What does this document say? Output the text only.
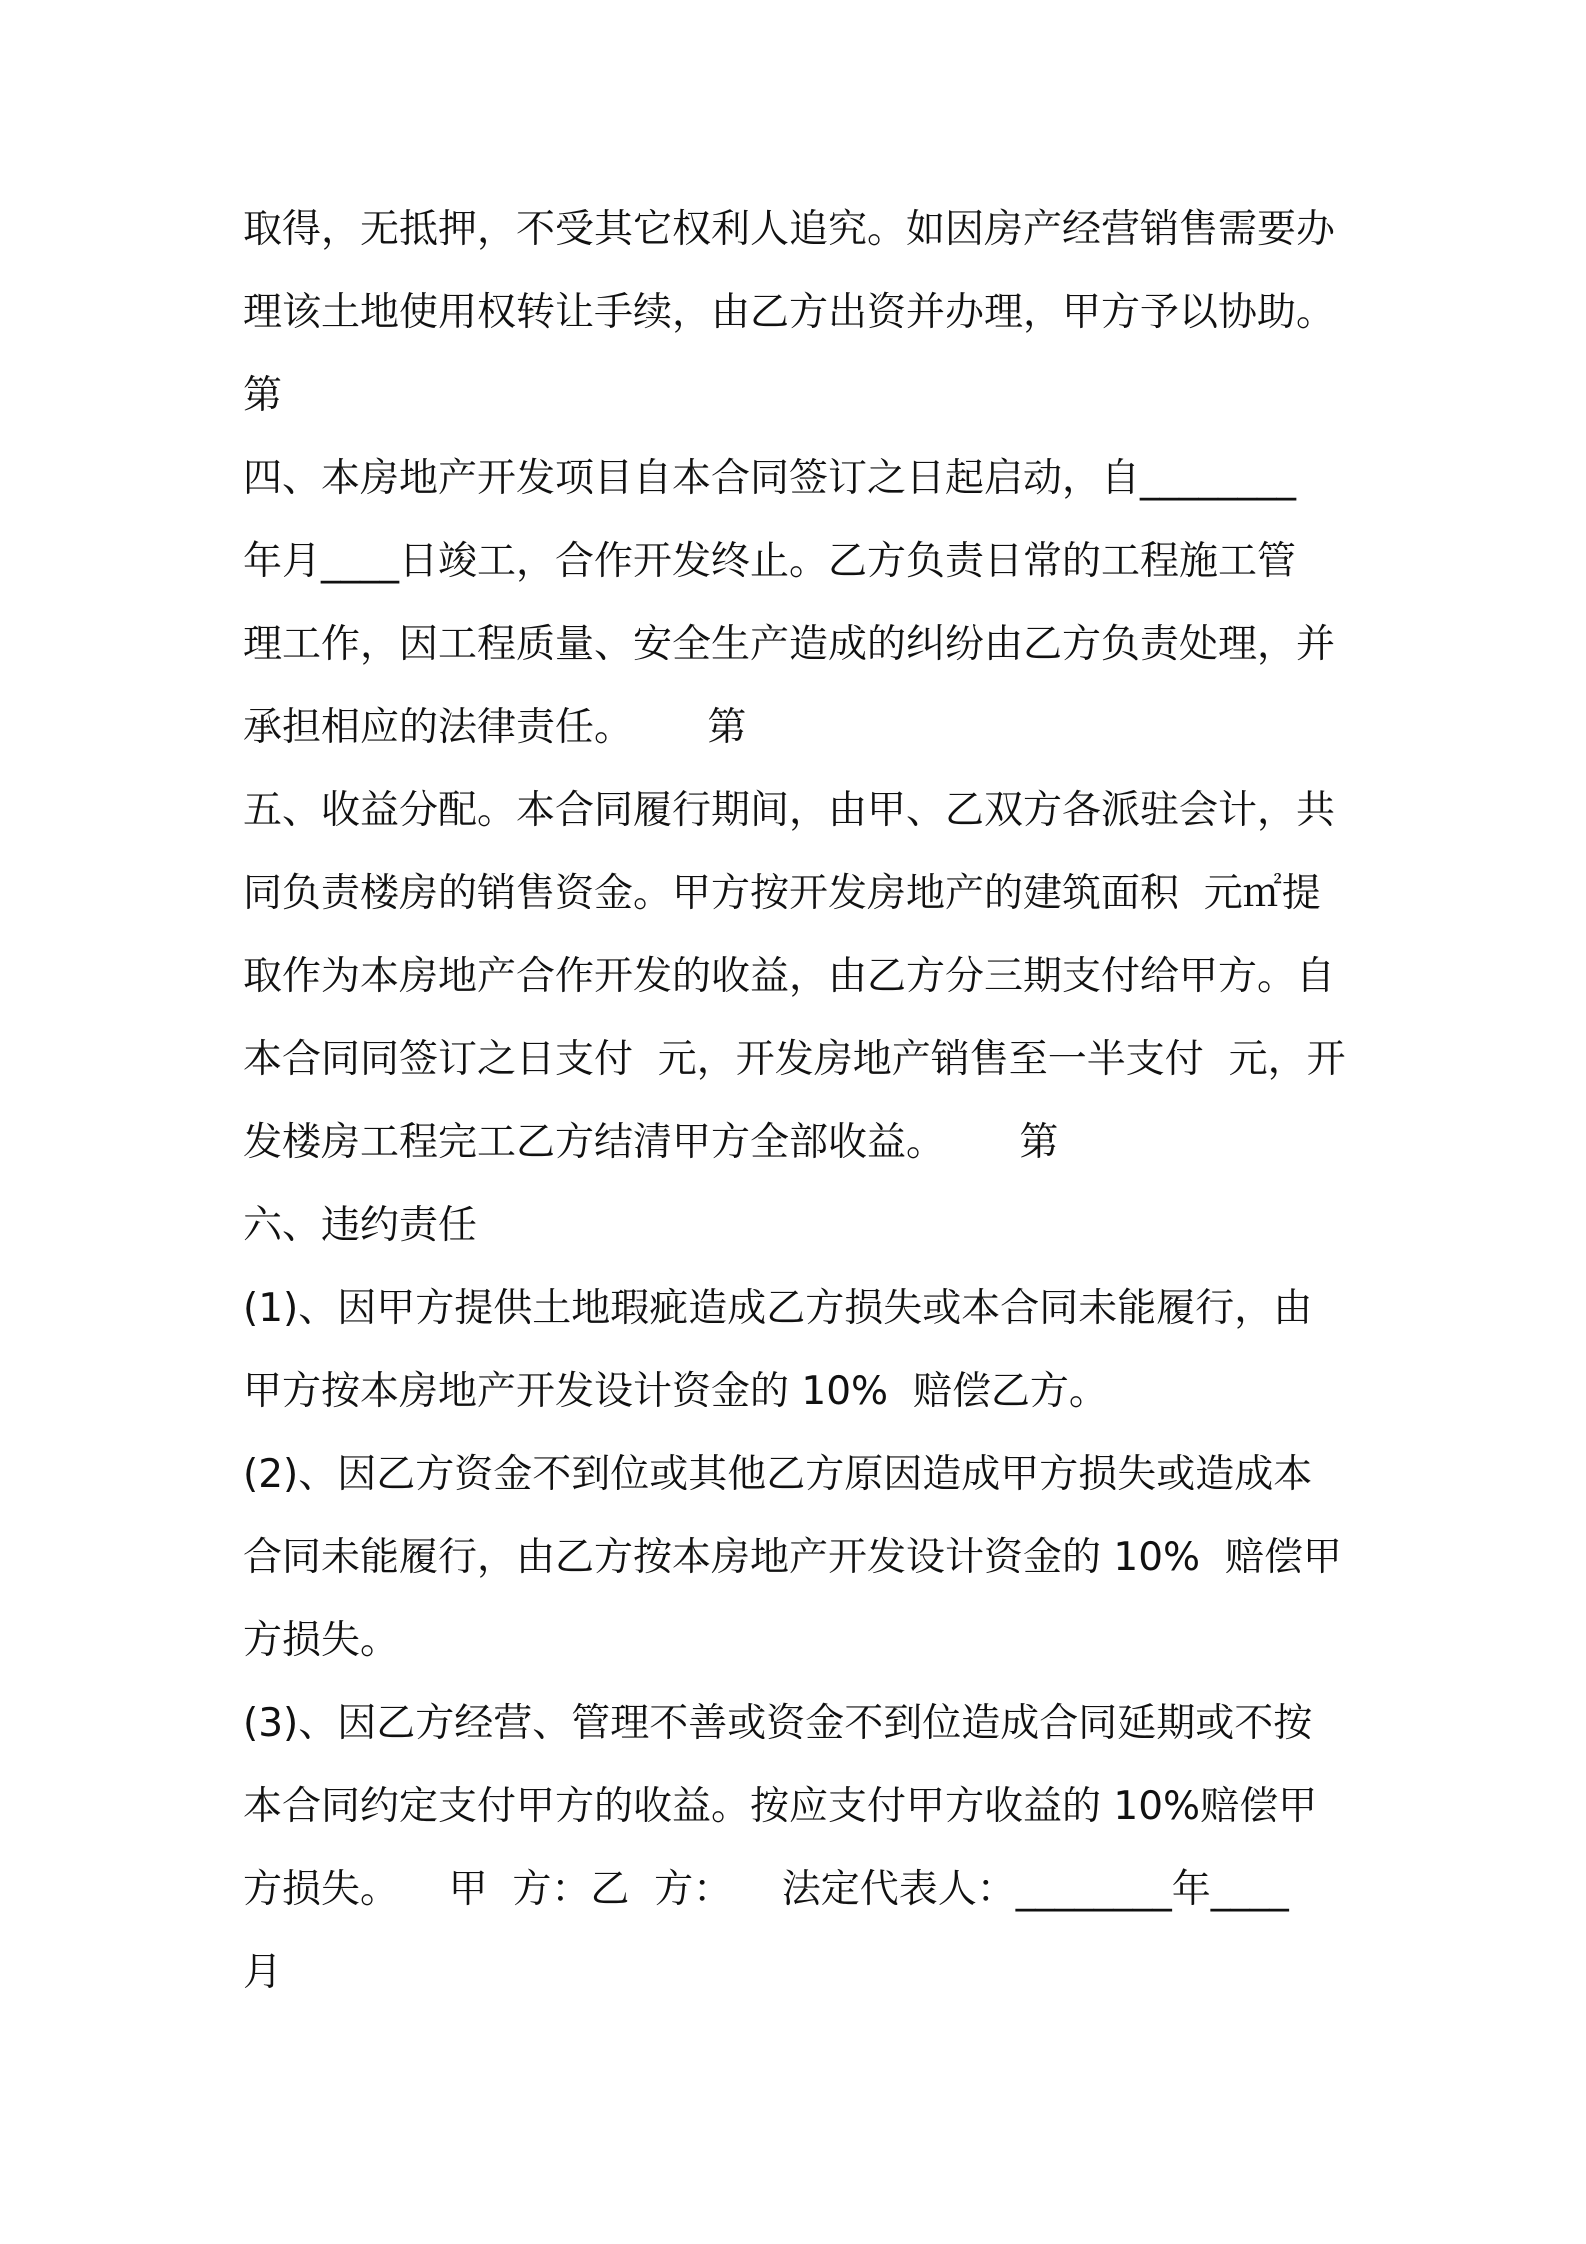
取得，无抵押，不受其它权利人追究。如因房产经营销售需要办
理该土地使用权转让手续，由乙方出资并办理，甲方予以协助。
第
四、本房地产开发项目自本合同签订之日起启动，自________
年月____日竣工，合作开发终止。乙方负责日常的工程施工管
理工作，因工程质量、安全生产造成的纠纷由乙方负责处理，并
承担相应的法律责任。      第
五、收益分配。本合同履行期间，由甲、乙双方各派驻会计，共
同负责楼房的销售资金。甲方按开发房地产的建筑面积  元㎡提
取作为本房地产合作开发的收益，由乙方分三期支付给甲方。自
本合同同签订之日支付  元，开发房地产销售至一半支付  元，开
发楼房工程完工乙方结清甲方全部收益。      第
六、违约责任
(1)、因甲方提供土地瑕疵造成乙方损失或本合同未能履行，由
甲方按本房地产开发设计资金的 10%  赔偿乙方。
(2)、因乙方资金不到位或其他乙方原因造成甲方损失或造成本
合同未能履行，由乙方按本房地产开发设计资金的 10%  赔偿甲
方损失。
(3)、因乙方经营、管理不善或资金不到位造成合同延期或不按
本合同约定支付甲方的收益。按应支付甲方收益的 10%赔偿甲
方损失。    甲  方：乙  方：    法定代表人：________年____
月
